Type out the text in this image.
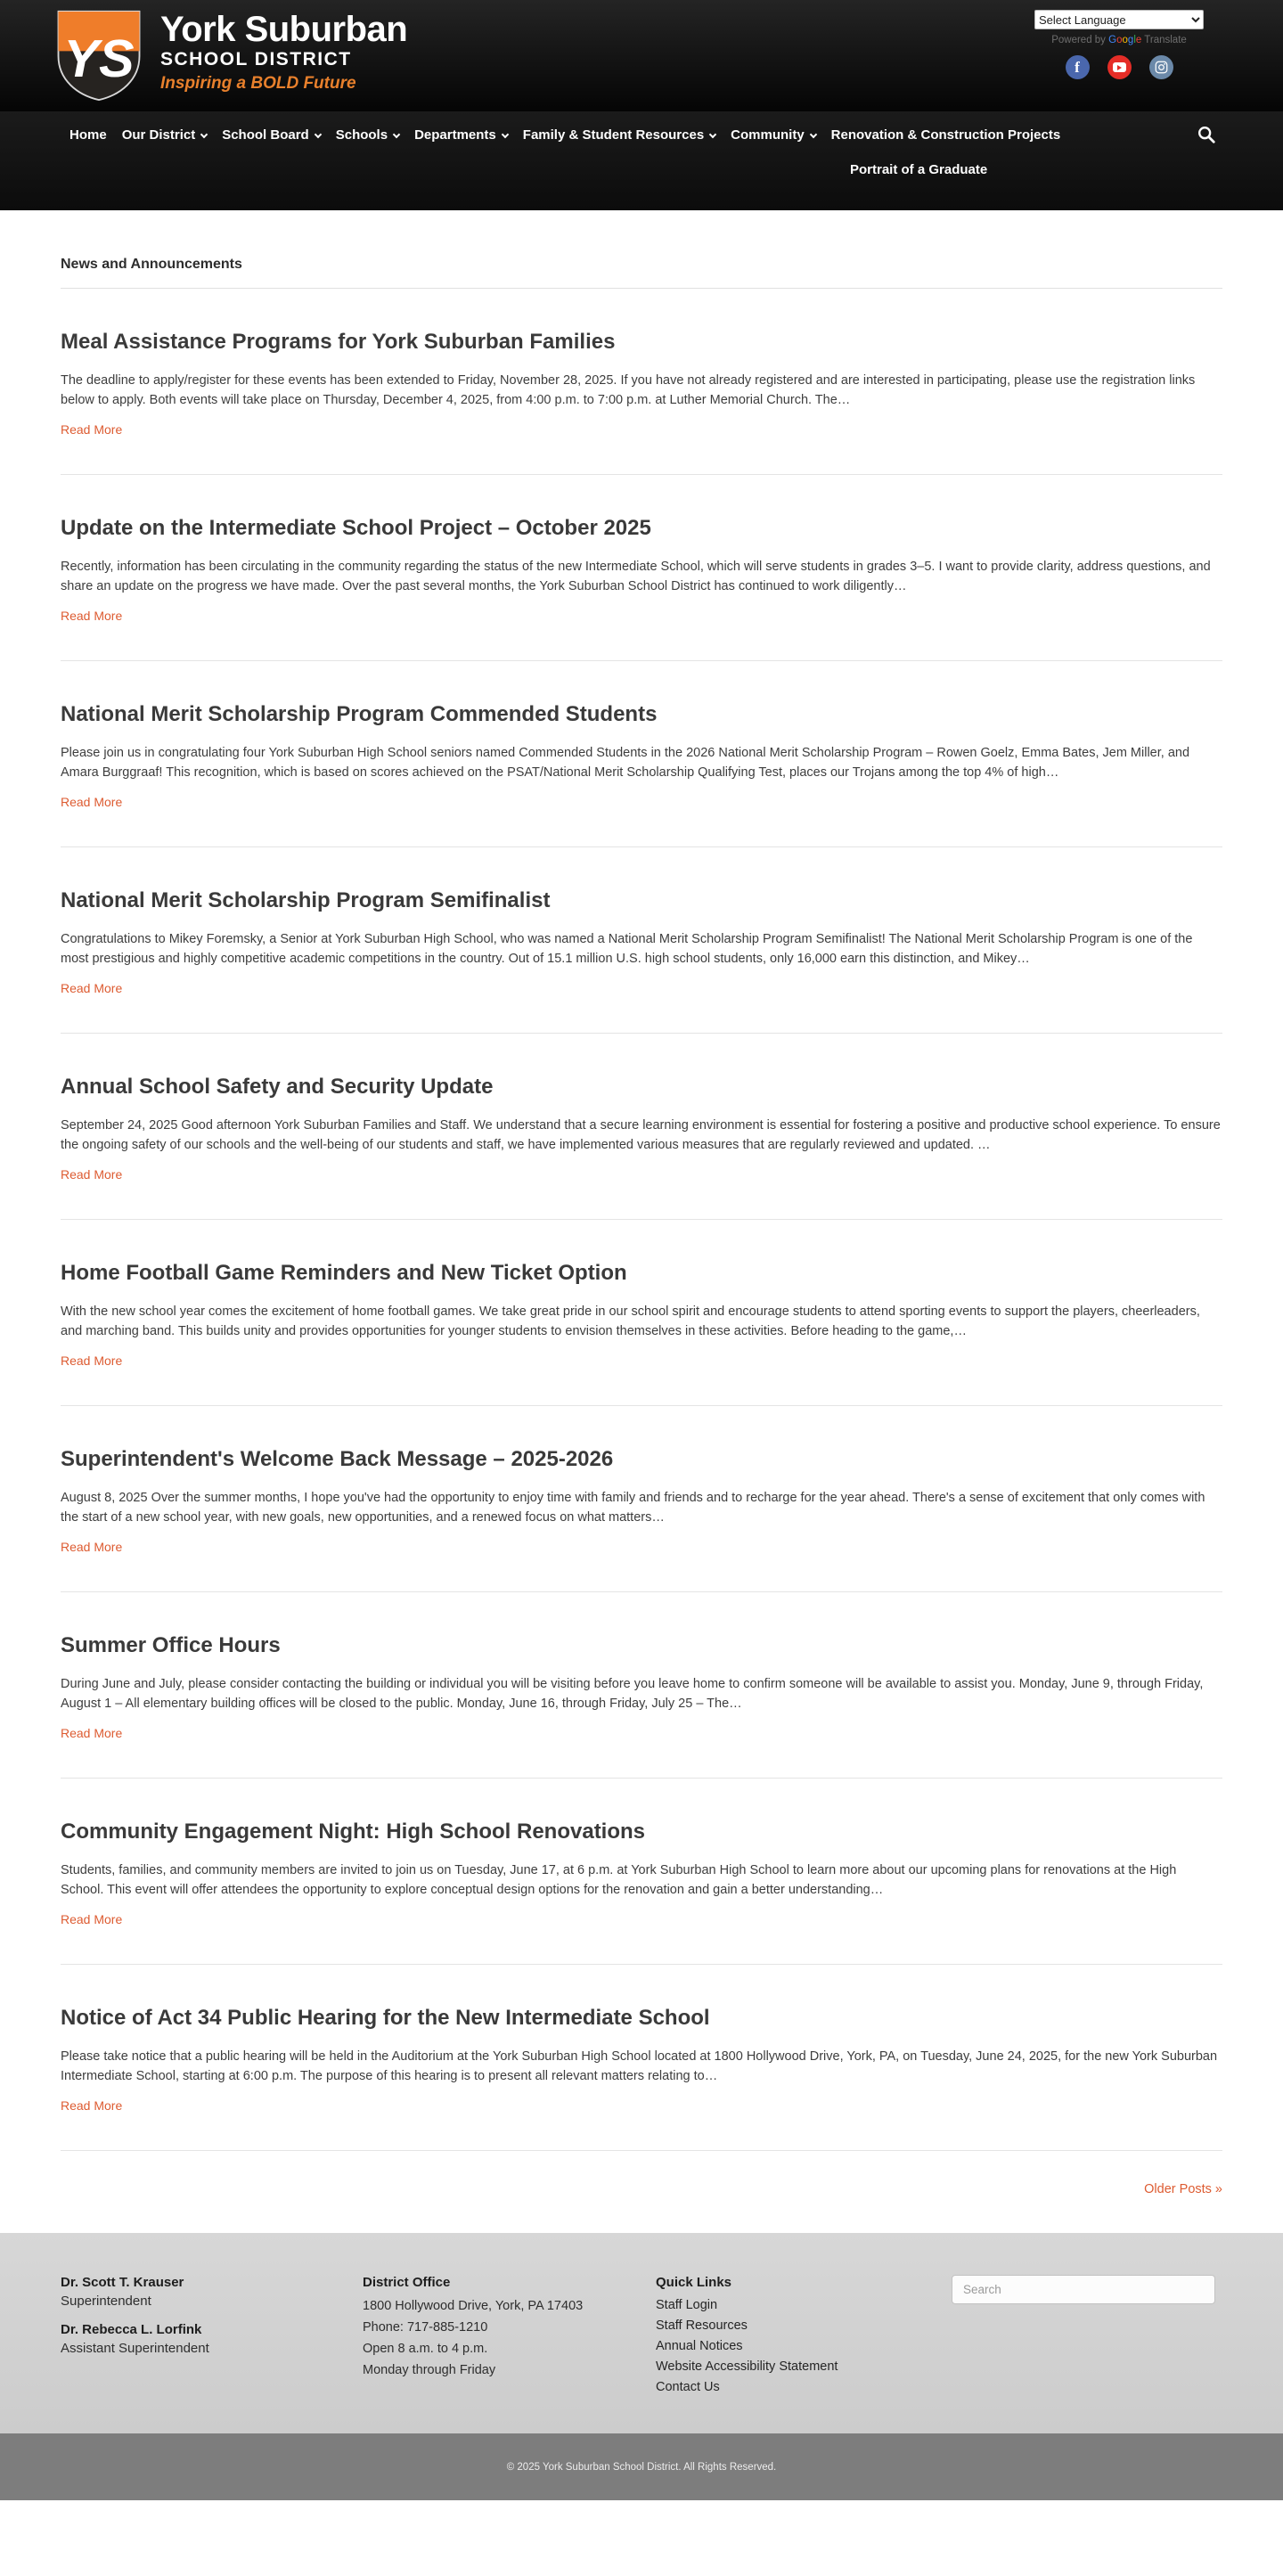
YS York Suburban
SCHOOL DISTRICT
Inspiring a BOLD Future
Select Language
Powered by Google Translate
f
Home Our District	School Board	Schools	Departments	Family & Student Resources	Community	Renovation & Construction Projects
Portrait of a Graduate
News and Announcements
Meal Assistance Programs for York Suburban Families

The deadline to apply/register for these events has been extended to Friday, November 28, 2025. If you have not already registered and are interested in participating, please use the registration links below to apply. Both events will take place on Thursday, December 4, 2025, from 4:00 p.m. to 7:00 p.m. at Luther Memorial Church. The…

Read More
Update on the Intermediate School Project – October 2025

Recently, information has been circulating in the community regarding the status of the new Intermediate School, which will serve students in grades 3–5. I want to provide clarity, address questions, and share an update on the progress we have made. Over the past several months, the York Suburban School District has continued to work diligently…

Read More
National Merit Scholarship Program Commended Students

Please join us in congratulating four York Suburban High School seniors named Commended Students in the 2026 National Merit Scholarship Program – Rowen Goelz, Emma Bates, Jem Miller, and Amara Burggraaf! This recognition, which is based on scores achieved on the PSAT/National Merit Scholarship Qualifying Test, places our Trojans among the top 4% of high…

Read More
National Merit Scholarship Program Semifinalist

Congratulations to Mikey Foremsky, a Senior at York Suburban High School, who was named a National Merit Scholarship Program Semifinalist! The National Merit Scholarship Program is one of the most prestigious and highly competitive academic competitions in the country. Out of 15.1 million U.S. high school students, only 16,000 earn this distinction, and Mikey…

Read More
Annual School Safety and Security Update

September 24, 2025 Good afternoon York Suburban Families and Staff. We understand that a secure learning environment is essential for fostering a positive and productive school experience. To ensure the ongoing safety of our schools and the well-being of our students and staff, we have implemented various measures that are regularly reviewed and updated. …

Read More
Home Football Game Reminders and New Ticket Option

With the new school year comes the excitement of home football games. We take great pride in our school spirit and encourage students to attend sporting events to support the players, cheerleaders, and marching band. This builds unity and provides opportunities for younger students to envision themselves in these activities. Before heading to the game,…

Read More
Superintendent's Welcome Back Message – 2025-2026

August 8, 2025 Over the summer months, I hope you've had the opportunity to enjoy time with family and friends and to recharge for the year ahead. There's a sense of excitement that only comes with the start of a new school year, with new goals, new opportunities, and a renewed focus on what matters…

Read More
Summer Office Hours

During June and July, please consider contacting the building or individual you will be visiting before you leave home to confirm someone will be available to assist you. Monday, June 9, through Friday, August 1 – All elementary building offices will be closed to the public. Monday, June 16, through Friday, July 25 – The…

Read More
Community Engagement Night: High School Renovations

Students, families, and community members are invited to join us on Tuesday, June 17, at 6 p.m. at York Suburban High School to learn more about our upcoming plans for renovations at the High School. This event will offer attendees the opportunity to explore conceptual design options for the renovation and gain a better understanding…

Read More
Notice of Act 34 Public Hearing for the New Intermediate School

Please take notice that a public hearing will be held in the Auditorium at the York Suburban High School located at 1800 Hollywood Drive, York, PA, on Tuesday, June 24, 2025, for the new York Suburban Intermediate School, starting at 6:00 p.m. The purpose of this hearing is to present all relevant matters relating to…

Read More
Older Posts »
Dr. Scott T. Krauser
Superintendent
Dr. Rebecca L. Lorfink
Assistant Superintendent
District Office
1800 Hollywood Drive, York, PA 17403
Phone: 717-885-1210
Open 8 a.m. to 4 p.m.
Monday through Friday
Quick Links
Staff Login
Staff Resources
Annual Notices
Website Accessibility Statement
Contact Us
Search
© 2025 York Suburban School District. All Rights Reserved.
